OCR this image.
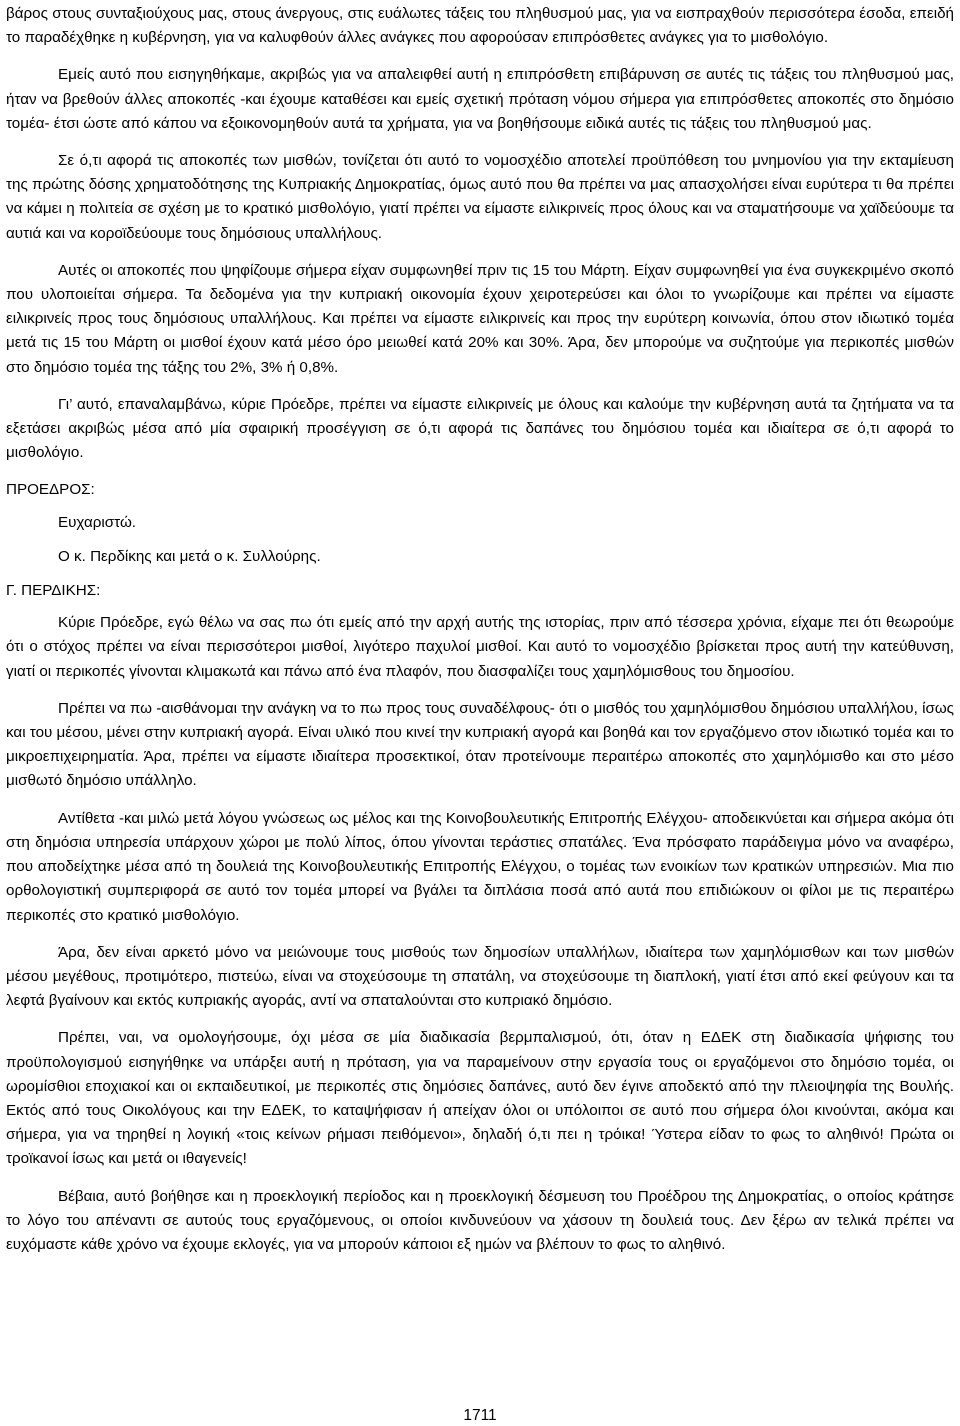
βάρος στους συνταξιούχους μας, στους άνεργους, στις ευάλωτες τάξεις του πληθυσμού μας, για να εισπραχθούν περισσότερα έσοδα, επειδή το παραδέχθηκε η κυβέρνηση, για να καλυφθούν άλλες ανάγκες που αφορούσαν επιπρόσθετες ανάγκες για το μισθολόγιο.

Εμείς αυτό που εισηγηθήκαμε, ακριβώς για να απαλειφθεί αυτή η επιπρόσθετη επιβάρυνση σε αυτές τις τάξεις του πληθυσμού μας, ήταν να βρεθούν άλλες αποκοπές -και έχουμε καταθέσει και εμείς σχετική πρόταση νόμου σήμερα για επιπρόσθετες αποκοπές στο δημόσιο τομέα- έτσι ώστε από κάπου να εξοικονομηθούν αυτά τα χρήματα, για να βοηθήσουμε ειδικά αυτές τις τάξεις του πληθυσμού μας.

Σε ό,τι αφορά τις αποκοπές των μισθών, τονίζεται ότι αυτό το νομοσχέδιο αποτελεί προϋπόθεση του μνημονίου για την εκταμίευση της πρώτης δόσης χρηματοδότησης της Κυπριακής Δημοκρατίας, όμως αυτό που θα πρέπει να μας απασχολήσει είναι ευρύτερα τι θα πρέπει να κάμει η πολιτεία σε σχέση με το κρατικό μισθολόγιο, γιατί πρέπει να είμαστε ειλικρινείς προς όλους και να σταματήσουμε να χαϊδεύουμε τα αυτιά και να κοροϊδεύουμε τους δημόσιους υπαλλήλους.

Αυτές οι αποκοπές που ψηφίζουμε σήμερα είχαν συμφωνηθεί πριν τις 15 του Μάρτη. Είχαν συμφωνηθεί για ένα συγκεκριμένο σκοπό που υλοποιείται σήμερα. Τα δεδομένα για την κυπριακή οικονομία έχουν χειροτερεύσει και όλοι το γνωρίζουμε και πρέπει να είμαστε ειλικρινείς προς τους δημόσιους υπαλλήλους. Και πρέπει να είμαστε ειλικρινείς και προς την ευρύτερη κοινωνία, όπου στον ιδιωτικό τομέα μετά τις 15 του Μάρτη οι μισθοί έχουν κατά μέσο όρο μειωθεί κατά 20% και 30%. Άρα, δεν μπορούμε να συζητούμε για περικοπές μισθών στο δημόσιο τομέα της τάξης του 2%, 3% ή 0,8%.

Γι’ αυτό, επαναλαμβάνω, κύριε Πρόεδρε, πρέπει να είμαστε ειλικρινείς με όλους και καλούμε την κυβέρνηση αυτά τα ζητήματα να τα εξετάσει ακριβώς μέσα από μία σφαιρική προσέγγιση σε ό,τι αφορά τις δαπάνες του δημόσιου τομέα και ιδιαίτερα σε ό,τι αφορά το μισθολόγιο.

ΠΡΟΕΔΡΟΣ:

Ευχαριστώ.

Ο κ. Περδίκης και μετά ο κ. Συλλούρης.

Γ. ΠΕΡΔΙΚΗΣ:

Κύριε Πρόεδρε, εγώ θέλω να σας πω ότι εμείς από την αρχή αυτής της ιστορίας, πριν από τέσσερα χρόνια, είχαμε πει ότι θεωρούμε ότι ο στόχος πρέπει να είναι περισσότεροι μισθοί, λιγότερο παχυλοί μισθοί. Και αυτό το νομοσχέδιο βρίσκεται προς αυτή την κατεύθυνση, γιατί οι περικοπές γίνονται κλιμακωτά και πάνω από ένα πλαφόν, που διασφαλίζει τους χαμηλόμισθους του δημοσίου.

Πρέπει να πω -αισθάνομαι την ανάγκη να το πω προς τους συναδέλφους- ότι ο μισθός του χαμηλόμισθου δημόσιου υπαλλήλου, ίσως και του μέσου, μένει στην κυπριακή αγορά. Είναι υλικό που κινεί την κυπριακή αγορά και βοηθά και τον εργαζόμενο στον ιδιωτικό τομέα και το μικροεπιχειρηματία. Άρα, πρέπει να είμαστε ιδιαίτερα προσεκτικοί, όταν προτείνουμε περαιτέρω αποκοπές στο χαμηλόμισθο και στο μέσο μισθωτό δημόσιο υπάλληλο.

Αντίθετα -και μιλώ μετά λόγου γνώσεως ως μέλος και της Κοινοβουλευτικής Επιτροπής Ελέγχου- αποδεικνύεται και σήμερα ακόμα ότι στη δημόσια υπηρεσία υπάρχουν χώροι με πολύ λίπος, όπου γίνονται τεράστιες σπατάλες. Ένα πρόσφατο παράδειγμα μόνο να αναφέρω, που αποδείχτηκε μέσα από τη δουλειά της Κοινοβουλευτικής Επιτροπής Ελέγχου, ο τομέας των ενοικίων των κρατικών υπηρεσιών. Μια πιο ορθολογιστική συμπεριφορά σε αυτό τον τομέα μπορεί να βγάλει τα διπλάσια ποσά από αυτά που επιδιώκουν οι φίλοι με τις περαιτέρω περικοπές στο κρατικό μισθολόγιο.

Άρα, δεν είναι αρκετό μόνο να μειώνουμε τους μισθούς των δημοσίων υπαλλήλων, ιδιαίτερα των χαμηλόμισθων και των μισθών μέσου μεγέθους, προτιμότερο, πιστεύω, είναι να στοχεύσουμε τη σπατάλη, να στοχεύσουμε τη διαπλοκή, γιατί έτσι από εκεί φεύγουν και τα λεφτά βγαίνουν και εκτός κυπριακής αγοράς, αντί να σπαταλούνται στο κυπριακό δημόσιο.

Πρέπει, ναι, να ομολογήσουμε, όχι μέσα σε μία διαδικασία βερμπαλισμού, ότι, όταν η ΕΔΕΚ στη διαδικασία ψήφισης του προϋπολογισμού εισηγήθηκε να υπάρξει αυτή η πρόταση, για να παραμείνουν στην εργασία τους οι εργαζόμενοι στο δημόσιο τομέα, οι ωρομίσθιοι εποχιακοί και οι εκπαιδευτικοί, με περικοπές στις δημόσιες δαπάνες, αυτό δεν έγινε αποδεκτό από την πλειοψηφία της Βουλής. Εκτός από τους Οικολόγους και την ΕΔΕΚ, το καταψήφισαν ή απείχαν όλοι οι υπόλοιποι σε αυτό που σήμερα όλοι κινούνται, ακόμα και σήμερα, για να τηρηθεί η λογική «τοις κείνων ρήμασι πειθόμενοι», δηλαδή ό,τι πει η τρόικα! Ύστερα είδαν το φως το αληθινό! Πρώτα οι τροϊκανοί ίσως και μετά οι ιθαγενείς!

Βέβαια, αυτό βοήθησε και η προεκλογική περίοδος και η προεκλογική δέσμευση του Προέδρου της Δημοκρατίας, ο οποίος κράτησε το λόγο του απέναντι σε αυτούς τους εργαζόμενους, οι οποίοι κινδυνεύουν να χάσουν τη δουλειά τους. Δεν ξέρω αν τελικά πρέπει να ευχόμαστε κάθε χρόνο να έχουμε εκλογές, για να μπορούν κάποιοι εξ ημών να βλέπουν το φως το αληθινό.

1711
